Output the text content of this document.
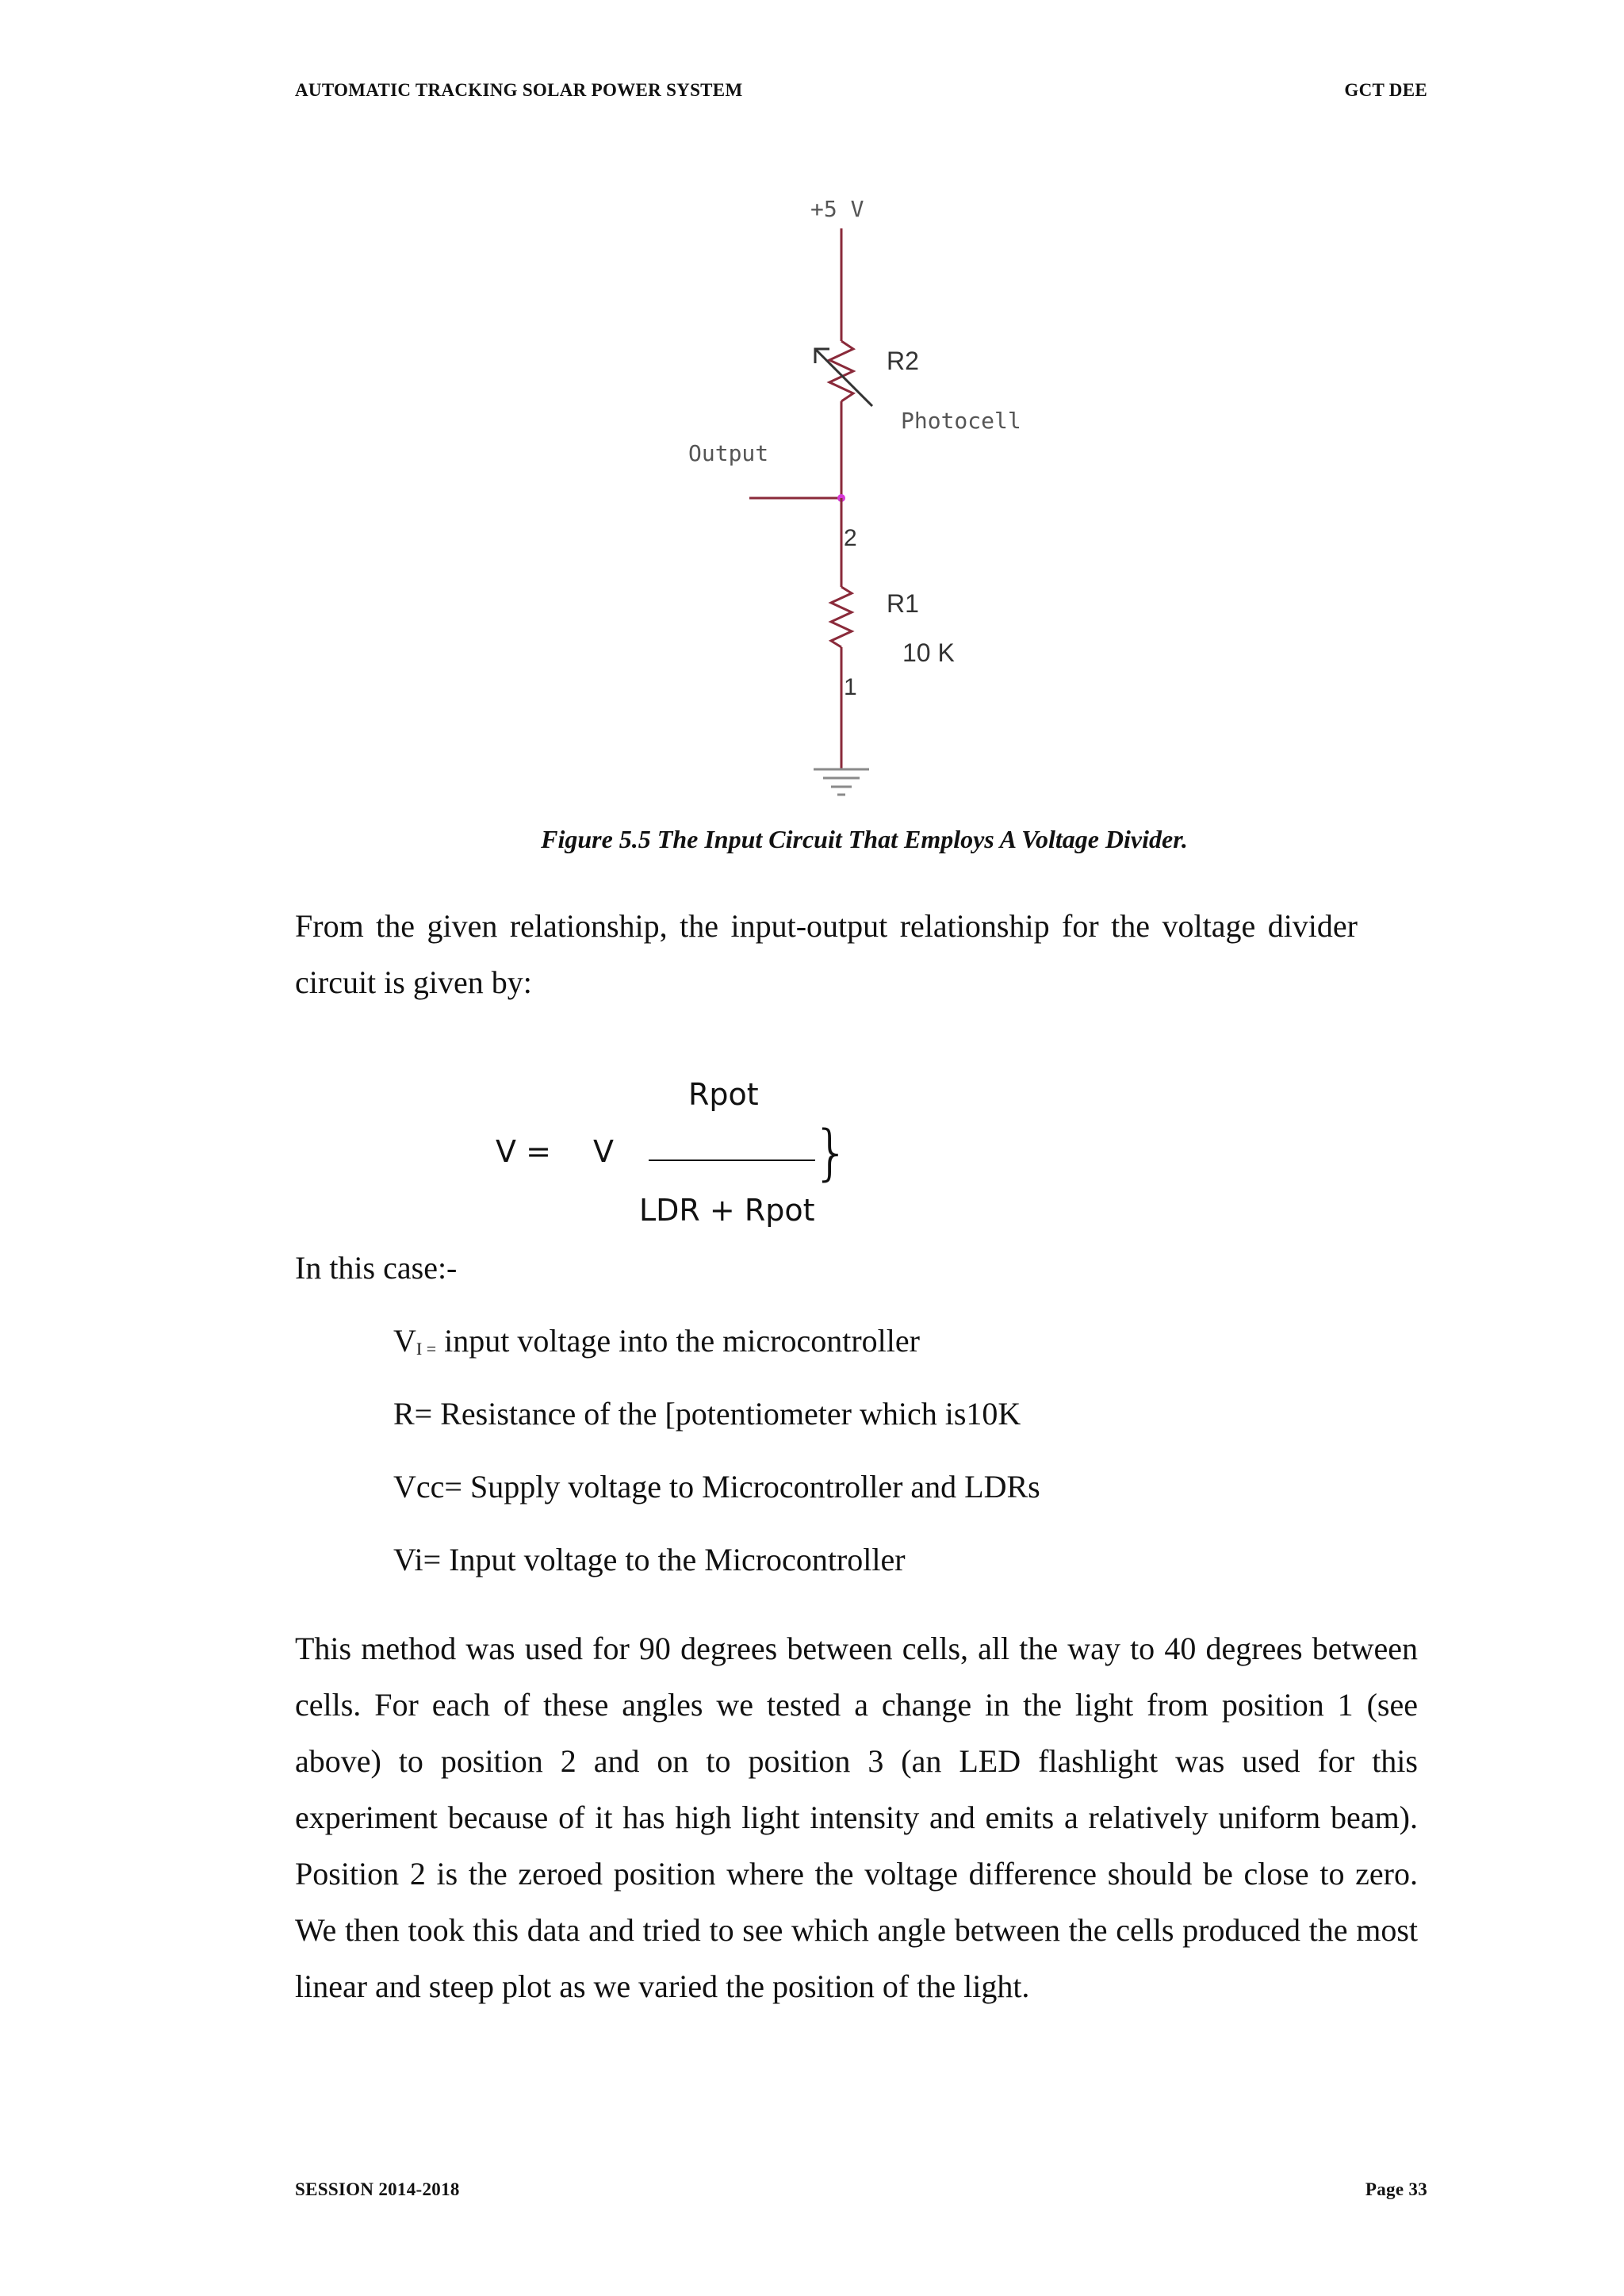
AUTOMATIC TRACKING SOLAR POWER SYSTEM	GCT DEE
+5 V
R2
Photocell
Output
2
R1
10 K
1
Figure 5.5 The Input Circuit That Employs A Voltage Divider.
From the given relationship, the input-output relationship for the voltage divider circuit is given by:
Rpot
V = V	}
LDR + Rpot
In this case:-
$V_{I =}$ input voltage into the microcontroller
R= Resistance of the [potentiometer which is10K
Vcc= Supply voltage to Microcontroller and LDRs
Vi= Input voltage to the Microcontroller
This method was used for 90 degrees between cells, all the way to 40 degrees between cells. For each of these angles we tested a change in the light from position 1 (see above) to position 2 and on to position 3 (an LED flashlight was used for this experiment because of it has high light intensity and emits a relatively uniform beam). Position 2 is the zeroed position where the voltage difference should be close to zero. We then took this data and tried to see which angle between the cells produced the most linear and steep plot as we varied the position of the light.
SESSION 2014-2018	Page 33
